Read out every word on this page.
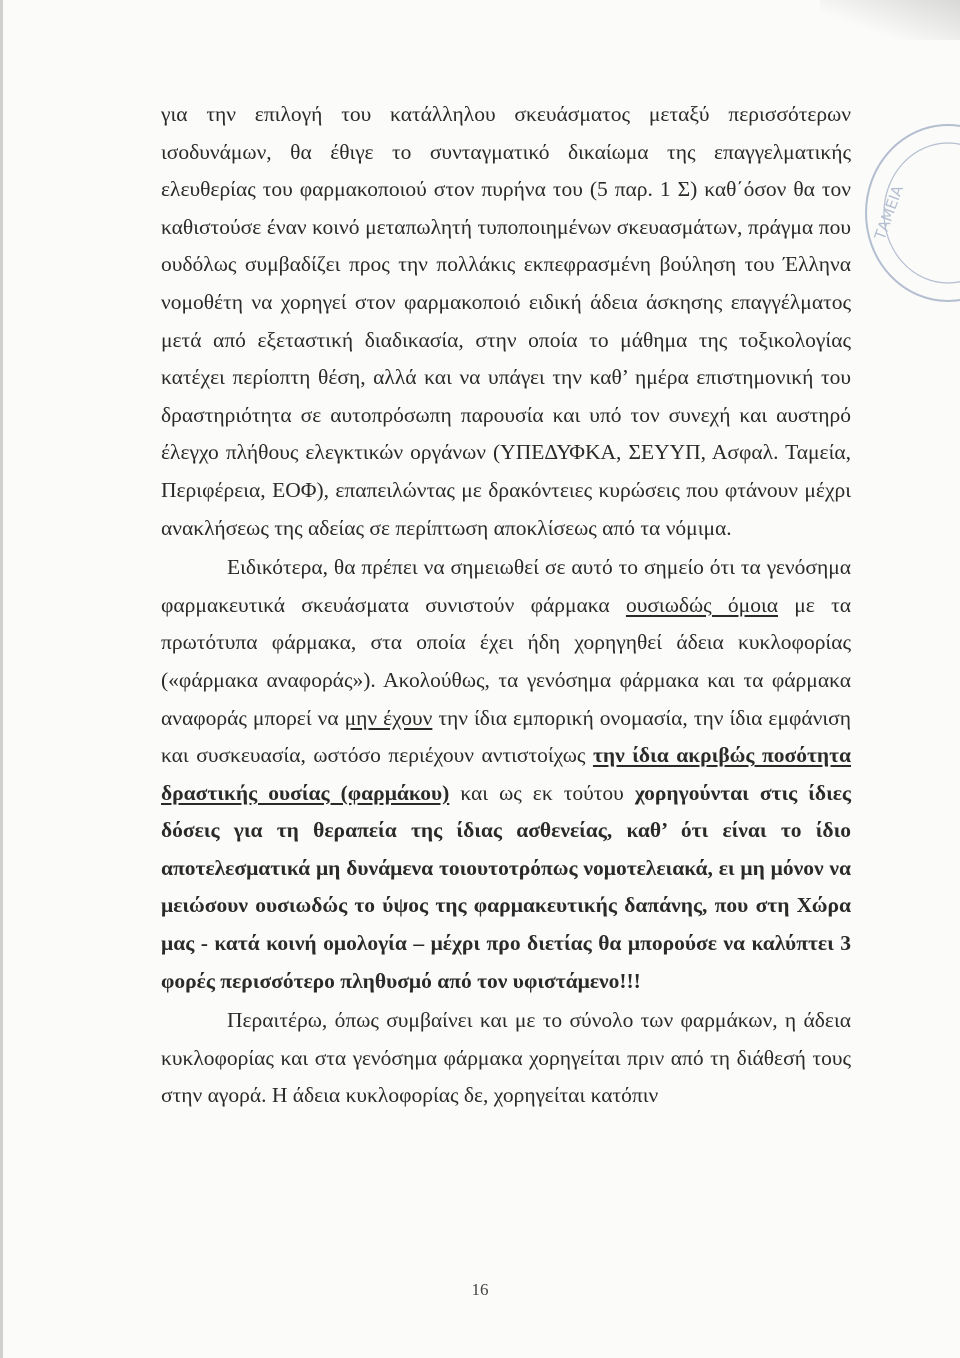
ΤΑΜΕΙΑ

για την επιλογή του κατάλληλου σκευάσματος μεταξύ περισσότερων ισοδυνάμων, θα έθιγε το συνταγματικό δικαίωμα της επαγγελματικής ελευθερίας του φαρμακοποιού στον πυρήνα του (5 παρ. 1 Σ) καθ΄όσον θα τον καθιστούσε έναν κοινό μεταπωλητή τυποποιημένων σκευασμάτων, πράγμα που ουδόλως συμβαδίζει προς την πολλάκις εκπεφρασμένη βούληση του Έλληνα νομοθέτη να χορηγεί στον φαρμακοποιό ειδική άδεια άσκησης επαγγέλματος μετά από εξεταστική διαδικασία, στην οποία το μάθημα της τοξικολογίας κατέχει περίοπτη θέση, αλλά και να υπάγει την καθ’ ημέρα επιστημονική του δραστηριότητα σε αυτοπρόσωπη παρουσία και υπό τον συνεχή και αυστηρό έλεγχο πλήθους ελεγκτικών οργάνων (ΥΠΕΔΥΦΚΑ, ΣΕΥΥΠ, Ασφαλ. Ταμεία, Περιφέρεια, ΕΟΦ), επαπειλώντας με δρακόντειες κυρώσεις που φτάνουν μέχρι ανακλήσεως της αδείας σε περίπτωση αποκλίσεως από τα νόμιμα.

Ειδικότερα, θα πρέπει να σημειωθεί σε αυτό το σημείο ότι τα γενόσημα φαρμακευτικά σκευάσματα συνιστούν φάρμακα ουσιωδώς όμοια με τα πρωτότυπα φάρμακα, στα οποία έχει ήδη χορηγηθεί άδεια κυκλοφορίας («φάρμακα αναφοράς»). Ακολούθως, τα γενόσημα φάρμακα και τα φάρμακα αναφοράς μπορεί να μην έχουν την ίδια εμπορική ονομασία, την ίδια εμφάνιση και συσκευασία, ωστόσο περιέχουν αντιστοίχως την ίδια ακριβώς ποσότητα δραστικής ουσίας (φαρμάκου) και ως εκ τούτου χορηγούνται στις ίδιες δόσεις για τη θεραπεία της ίδιας ασθενείας, καθ’ ότι είναι το ίδιο αποτελεσματικά μη δυνάμενα τοιουτοτρόπως νομοτελειακά, ει μη μόνον να μειώσουν ουσιωδώς το ύψος της φαρμακευτικής δαπάνης, που στη Χώρα μας - κατά κοινή ομολογία – μέχρι προ διετίας θα μπορούσε να καλύπτει 3 φορές περισσότερο πληθυσμό από τον υφιστάμενο!!!

Περαιτέρω, όπως συμβαίνει και με το σύνολο των φαρμάκων, η άδεια κυκλοφορίας και στα γενόσημα φάρμακα χορηγείται πριν από τη διάθεσή τους στην αγορά. Η άδεια κυκλοφορίας δε, χορηγείται κατόπιν

16
